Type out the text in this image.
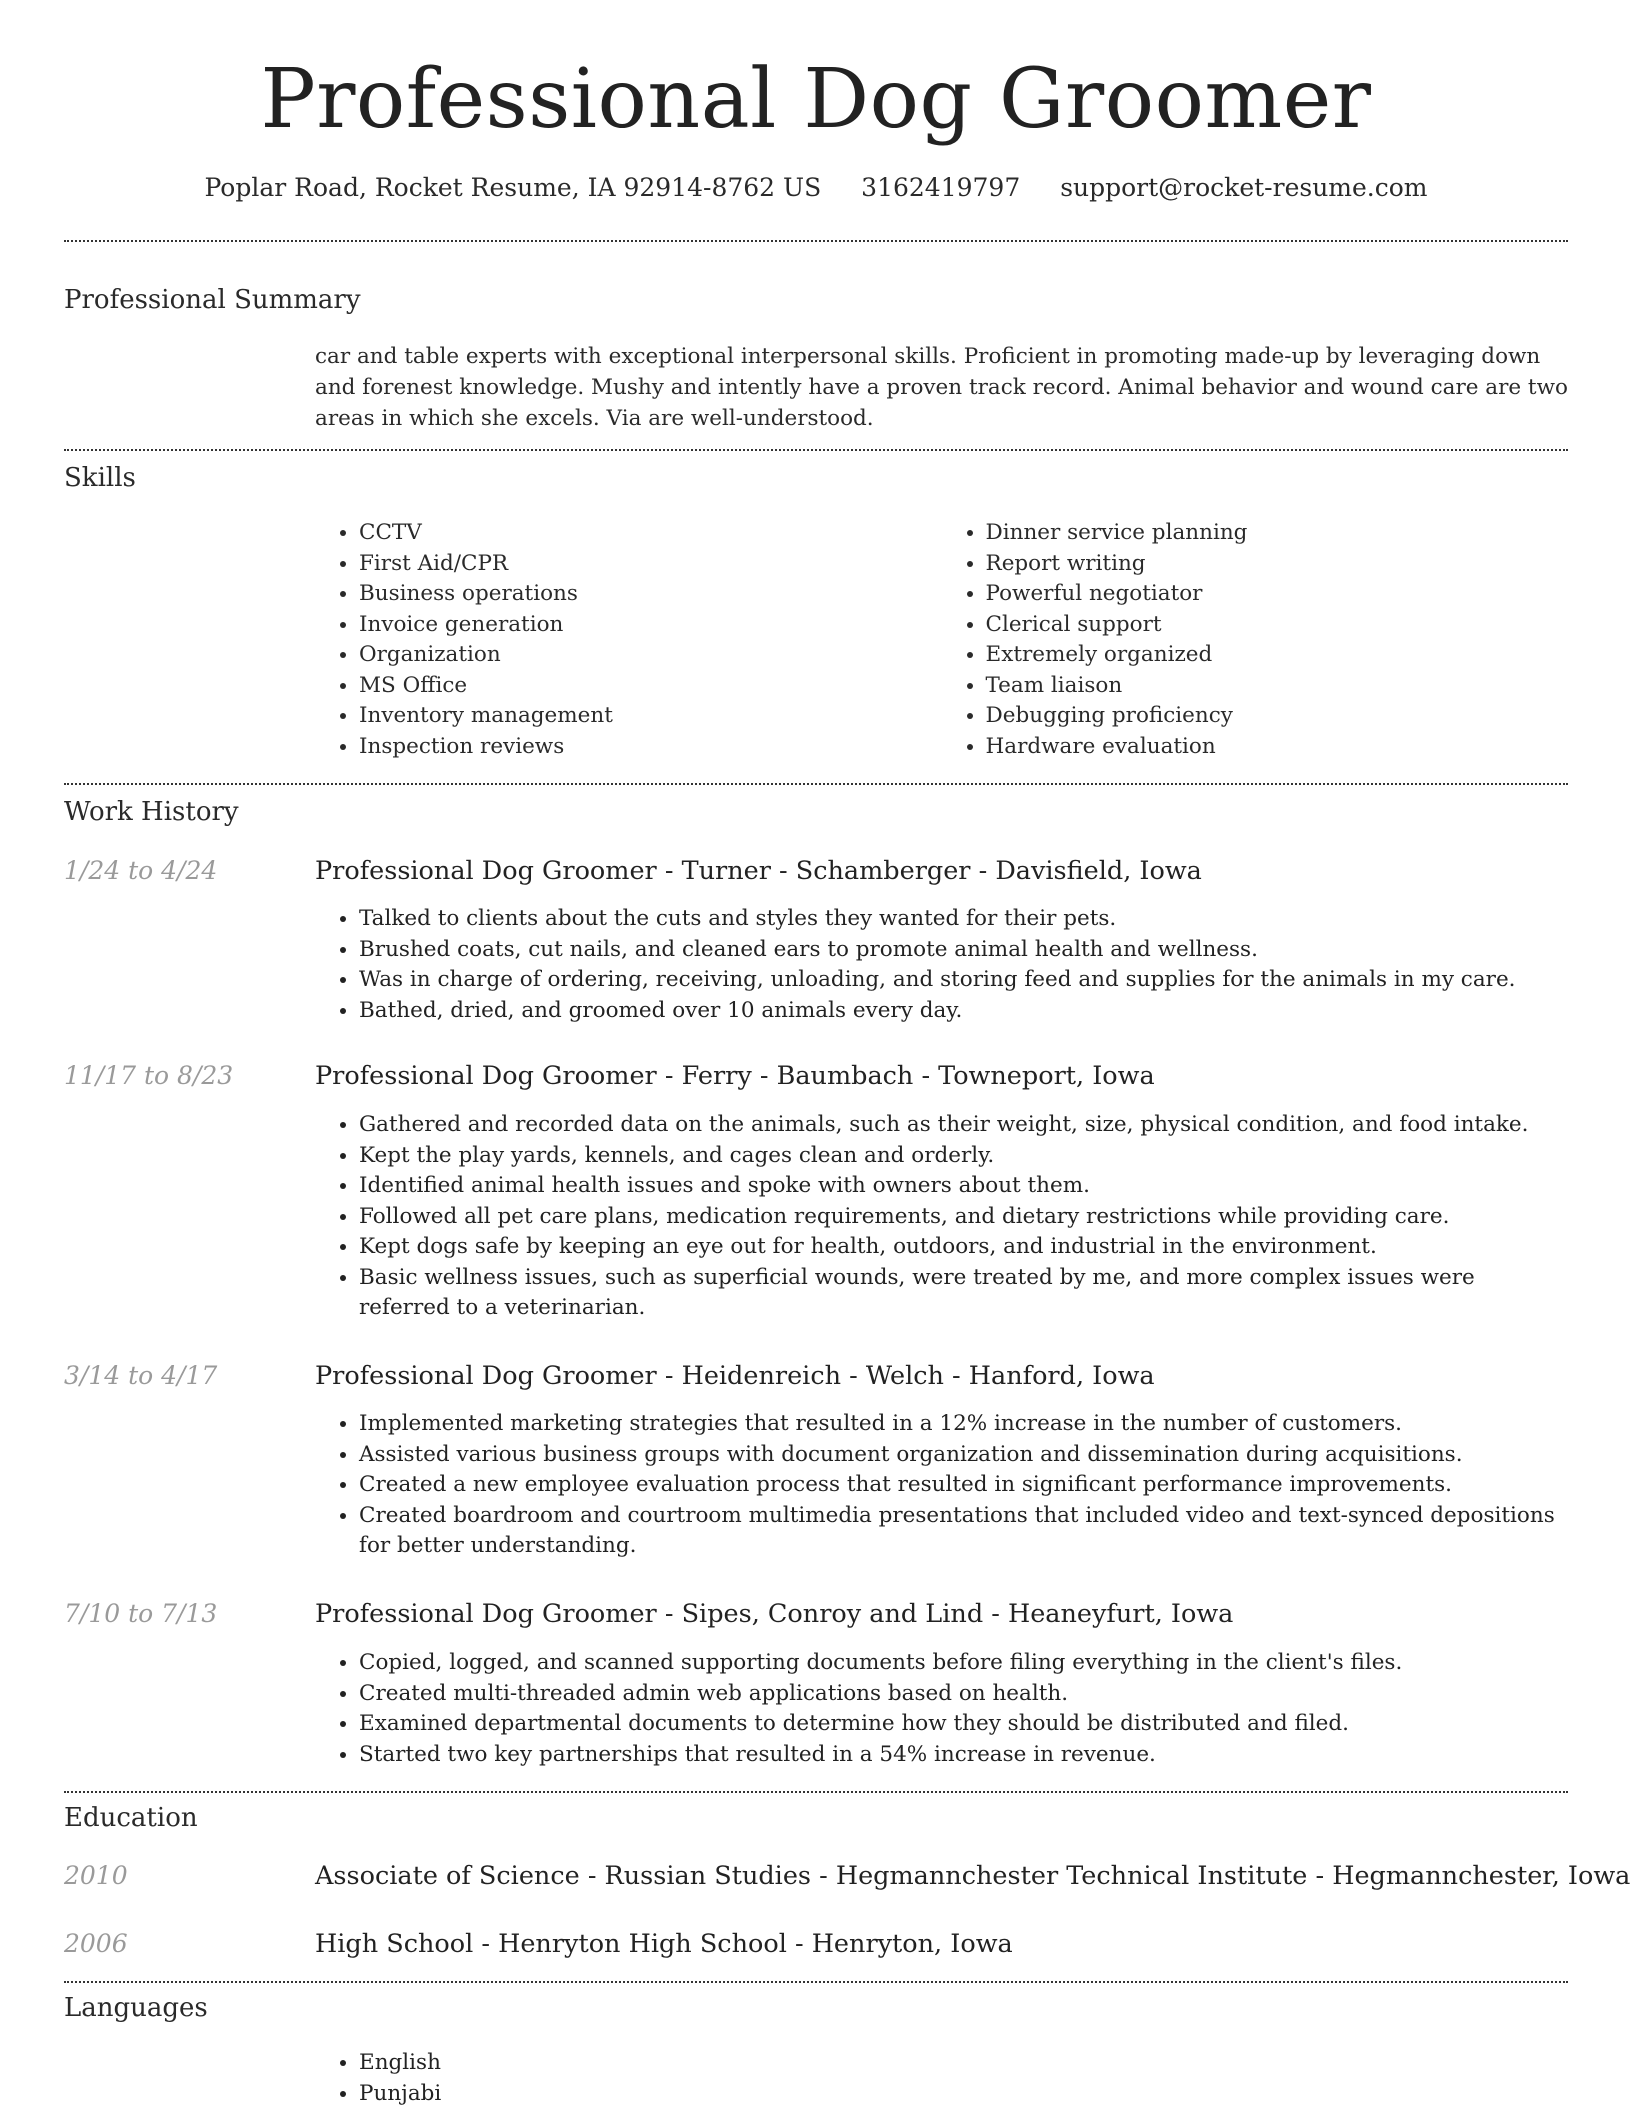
Professional Dog Groomer
Poplar Road, Rocket Resume, IA 92914-8762 US 3162419797 support@rocket-resume.com
Professional Summary

car and table experts with exceptional interpersonal skills. Proficient in promoting made-up by leveraging down and forenest knowledge. Mushy and intently have a proven track record. Animal behavior and wound care are two areas in which she excels. Via are well-understood.

Skills
• CCTV
• First Aid/CPR
• Business operations
• Invoice generation
• Organization
• MS Office
• Inventory management
• Inspection reviews
• Dinner service planning
• Report writing
• Powerful negotiator
• Clerical support
• Extremely organized
• Team liaison
• Debugging proficiency
• Hardware evaluation
Work History
1/24 to 4/24	Professional Dog Groomer - Turner - Schamberger - Davisfield, Iowa
• Talked to clients about the cuts and styles they wanted for their pets.
• Brushed coats, cut nails, and cleaned ears to promote animal health and wellness.
• Was in charge of ordering, receiving, unloading, and storing feed and supplies for the animals in my care.
• Bathed, dried, and groomed over 10 animals every day.
11/17 to 8/23	Professional Dog Groomer - Ferry - Baumbach - Towneport, Iowa
• Gathered and recorded data on the animals, such as their weight, size, physical condition, and food intake.
• Kept the play yards, kennels, and cages clean and orderly.
• Identified animal health issues and spoke with owners about them.
• Followed all pet care plans, medication requirements, and dietary restrictions while providing care.
• Kept dogs safe by keeping an eye out for health, outdoors, and industrial in the environment.
• Basic wellness issues, such as superficial wounds, were treated by me, and more complex issues were referred to a veterinarian.
3/14 to 4/17	Professional Dog Groomer - Heidenreich - Welch - Hanford, Iowa
• Implemented marketing strategies that resulted in a 12% increase in the number of customers.
• Assisted various business groups with document organization and dissemination during acquisitions.
• Created a new employee evaluation process that resulted in significant performance improvements.
• Created boardroom and courtroom multimedia presentations that included video and text-synced depositions for better understanding.
7/10 to 7/13	Professional Dog Groomer - Sipes, Conroy and Lind - Heaneyfurt, Iowa
• Copied, logged, and scanned supporting documents before filing everything in the client's files.
• Created multi-threaded admin web applications based on health.
• Examined departmental documents to determine how they should be distributed and filed.
• Started two key partnerships that resulted in a 54% increase in revenue.
Education
2010	Associate of Science - Russian Studies - Hegmannchester Technical Institute - Hegmannchester, Iowa
2006	High School - Henryton High School - Henryton, Iowa
Languages
• English
• Punjabi
